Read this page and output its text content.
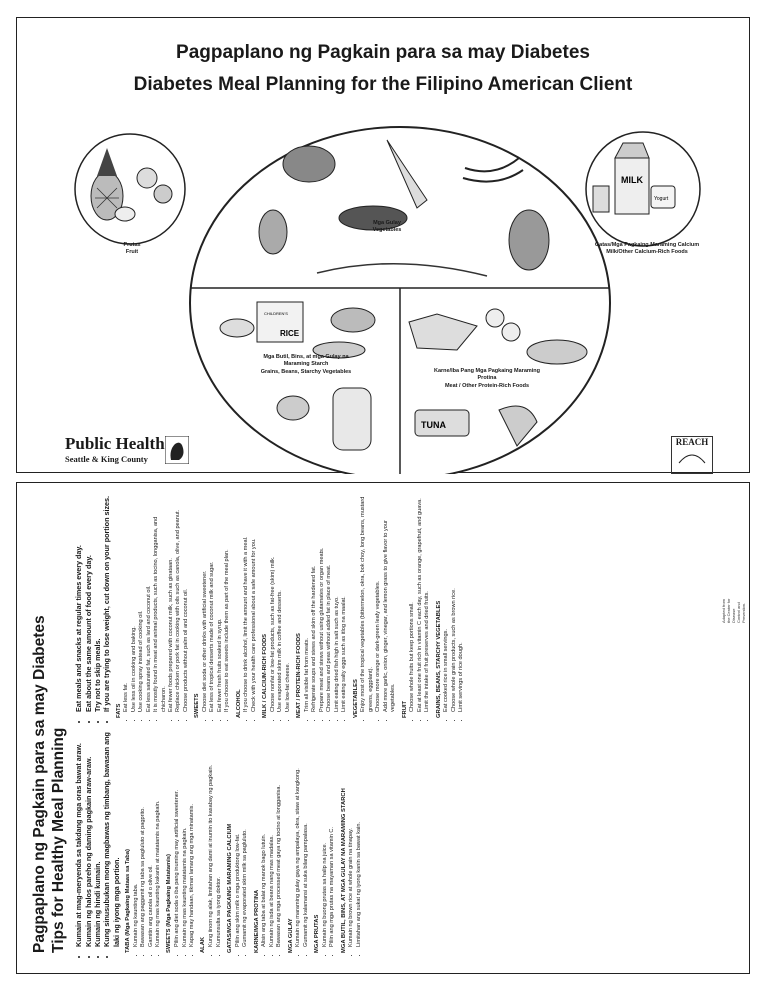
Pagpaplano ng Pagkain para sa may Diabetes
Diabetes Meal Planning for the Filipino American Client
RICE
CHILDREN'S
TUNA
MILK
Yogurt
Prutas
Fruit
Gatas/Mga Pagkaing Maraming Calcium
Milk/Other Calcium-Rich Foods
Mga Gulay
Vegetables
Mga Butil, Bins, at mga Gulay na Maraming Starch
Grains, Beans, Starchy Vegetables	Karne/Iba Pang Mga Pagkaing Maraming Protina
Meat / Other Protein-Rich Foods
Public Health
Seattle & King County
REACH
Pagpaplano ng Pagkain para sa may Diabetes Tips for Healthy Meal Planning • Kumain at mag-meryenda sa takdang mga oras bawat araw. • Kumain ng halos pareho ng daming pagkain araw-araw. • Kumain ng hindi kumain. • Kung sinusubukan mong magbawas ng timbang, bawasan ang laki ng iyong mga portion. TABA (Mga Pagkaing Mataas sa Taba) • Kumain ng kaunting taba. • Bawasan ang paggamit ng taba sa pagluluto at pagprito. • Gamitin ang canola oil o olive oil. • Kumain ng mas kaunting kakanin at matatamis na pagkain. SWEETS (Mga Pagkaing Matatamis) • Piliin ang diet soda o iba pang inuming may artificial sweetener. • Kumain ng mas kaunting matatamis na pagkain. • Kapag may handaan, tikman lamang ang mga minatamis. ALAK • Kung iinom ng alak, limitahan ang dami at inumin ito kasabay ng pagkain. • Kumunsulta sa iyong doktor. GATAS/MGA PAGKAING MARAMING CALCIUM • Piliin ang skim milk o mga produktong low-fat. • Gumamit ng evaporated skim milk sa pagluluto. KARNE/MGA PROTINA • Alisin ang taba at balat ng manok bago lutuin. • Kumain ng isda at beans nang mas madalas. • Bawasan ang mga processed meat gaya ng tocino at longganisa. MGA GULAY • Kumain ng maraming gulay gaya ng ampalaya, okra, sitaw at kangkong. • Gumamit ng kalamansi at suka bilang pampalasa. MGA PRUTAS • Kumain ng buong prutas sa halip na juice. • Piliin ang mga prutas na mayaman sa vitamin C. MGA BUTIL, BINS, AT MGA GULAY NA MARAMING STARCH • Kumain ng brown rice at whole grain na tinapay. • Limitahan ang sukat ng iyong kanin sa bawat kain.
• Eat meals and snacks at regular times every day. • Eat about the same amount of food every day. • Try not to skip meals. • If you are trying to lose weight, cut down on your portion sizes. FATS • Eat less fat. • Use less oil in cooking and baking. • Use cooking spray instead of cooking oil. • Eat less saturated fat, such as lard and coconut oil. • It is mostly found in meat and animal products, such as tocino, longganisa, and chicharon. • Eat fewer foods prepared with coconut milk, such as ginataan. • Replace chicken or pork fat in cooking with oils such as canola, olive, and peanut. • Choose products without palm oil and coconut oil. SWEETS • Choose diet soda or other drinks with artificial sweetener. • Eat less of tropical desserts made of coconut milk and sugar. • Eat fewer fresh fruits soaked in syrup. • If you choose to eat sweets include them as part of the meal plan. ALCOHOL • If you choose to drink alcohol, limit the amount and have it with a meal. • Check with your health care professional about a safe amount for you. MILK / CALCIUM-RICH FOODS • Choose nonfat or low-fat products, such as fat-free (skim) milk. • Use evaporated skim milk in coffee and desserts. • Use low-fat cheese. MEAT / PROTEIN-RICH FOODS • Trim all visible fat from meats. • Refrigerate soups and stews and skim off the hardened fat. • Prepare meat and stews without using glutamates or organ meats. • Choose beans and peas without added fat in place of meat. • Limit eating dried fish high in salt such as tuyo. • Limit eating salty eggs such as itlog na maalat. VEGETABLES • Enjoy most of the tropical vegetables (bittermelon, okra, bok choy, long beans, mustard greens, eggplant). • Choose more orange or dark-green leafy vegetables. • Add more garlic, onion, ginger, vinegar, and lemon grass to give flavor to your vegetables. FRUIT • Choose whole fruits but keep portions small. • Eat at least one fruit rich in vitamin C each day, such as orange, grapefruit, and guava. • Limit the intake of fruit preserves and dried fruits. GRAINS, BEANS, STARCHY VEGETABLES • Eat cooked rice in small servings. • Choose whole grain products, such as brown rice. • Limit servings of rice dough.
Adapted from the Center for Disease Control and Prevention.
